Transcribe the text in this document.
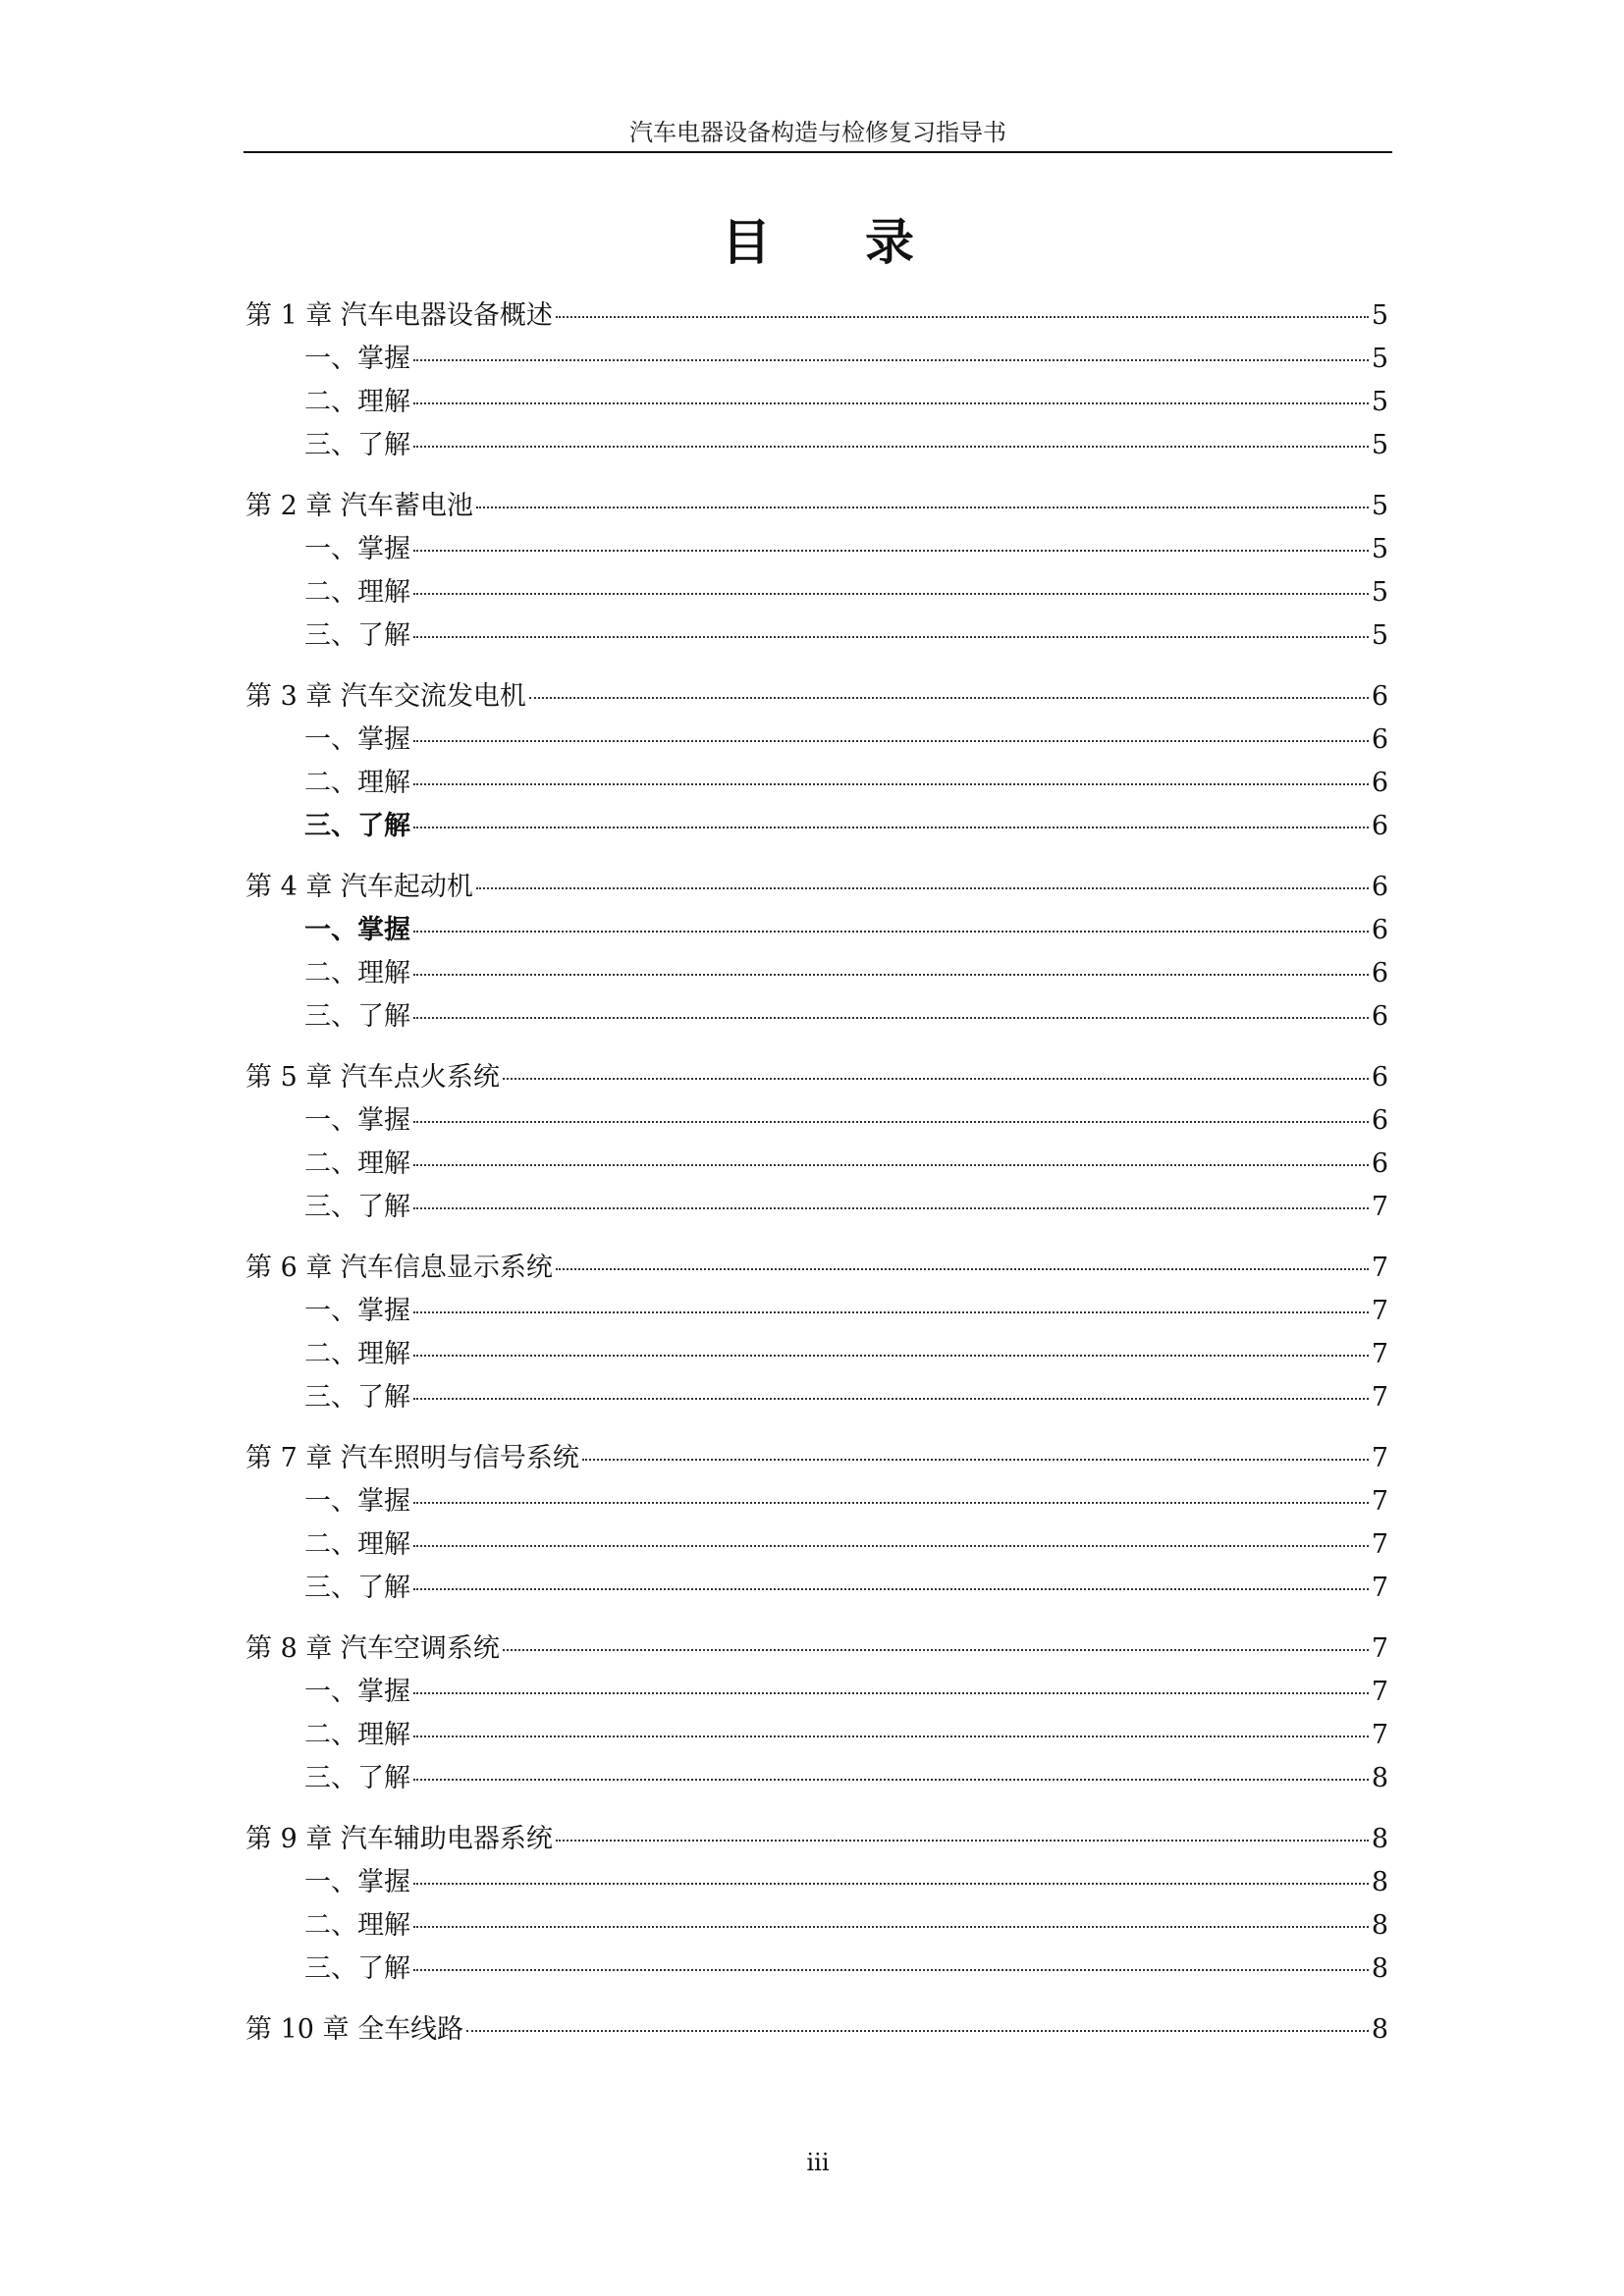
汽车电器设备构造与检修复习指导书
目录
第 1 章 汽车电器设备概述	5
一、掌握	5
二、理解	5
三、了解	5
第 2 章 汽车蓄电池	5
一、掌握	5
二、理解	5
三、了解	5
第 3 章 汽车交流发电机	6
一、掌握	6
二、理解	6
三、了解	6
第 4 章 汽车起动机	6
一、掌握	6
二、理解	6
三、了解	6
第 5 章 汽车点火系统	6
一、掌握	6
二、理解	6
三、了解	7
第 6 章 汽车信息显示系统	7
一、掌握	7
二、理解	7
三、了解	7
第 7 章 汽车照明与信号系统	7
一、掌握	7
二、理解	7
三、了解	7
第 8 章 汽车空调系统	7
一、掌握	7
二、理解	7
三、了解	8
第 9 章 汽车辅助电器系统	8
一、掌握	8
二、理解	8
三、了解	8
第 10 章 全车线路	8
iii
